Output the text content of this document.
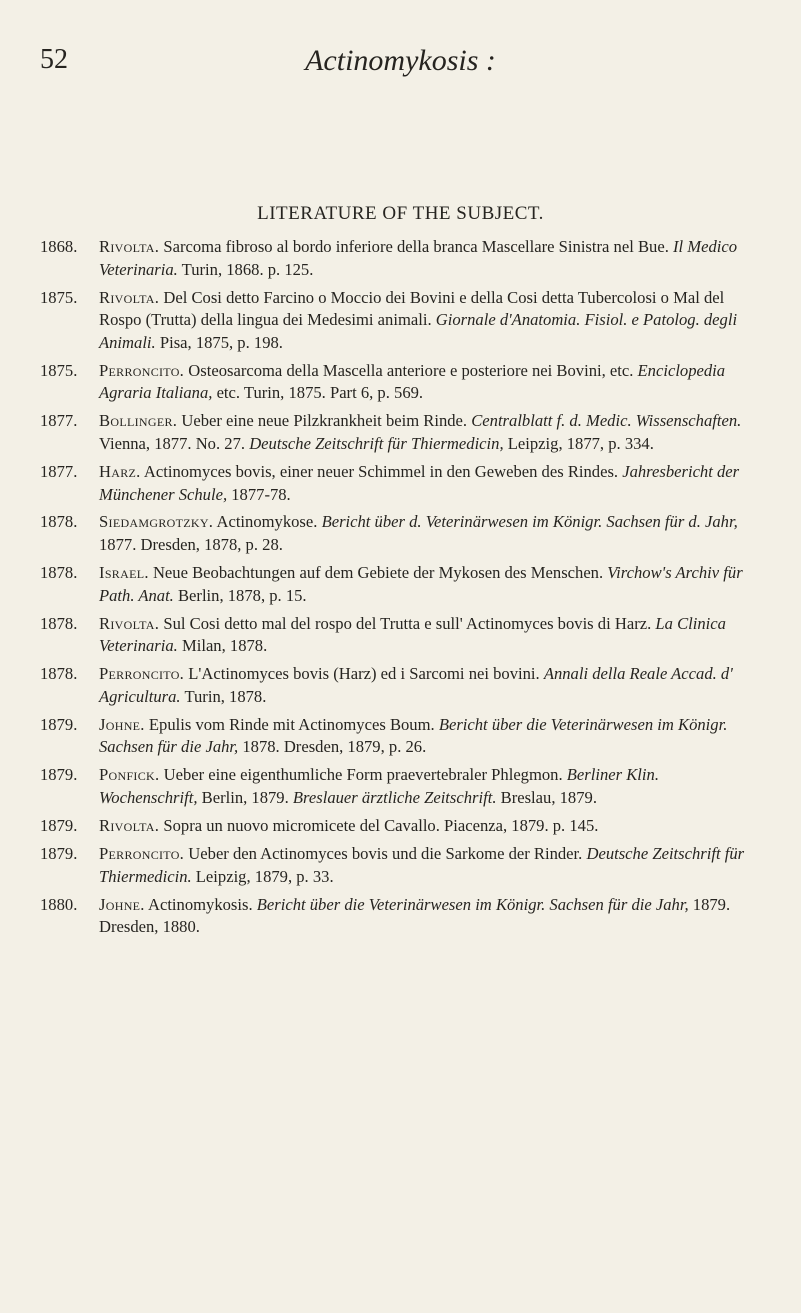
52	Actinomykosis :
LITERATURE OF THE SUBJECT.
1868. Rivolta. Sarcoma fibroso al bordo inferiore della branca Mascellare Sinistra nel Bue. Il Medico Veterinaria. Turin, 1868. p. 125.
1875. Rivolta. Del Cosi detto Farcino o Moccio dei Bovini e della Cosi detta Tubercolosi o Mal del Rospo (Trutta) della lingua dei Medesimi animali. Giornale d'Anatomia. Fisiol. e Patolog. degli Animali. Pisa, 1875, p. 198.
1875. Perroncito. Osteosarcoma della Mascella anteriore e posteriore nei Bovini, etc. Enciclopedia Agraria Italiana, etc. Turin, 1875. Part 6, p. 569.
1877. Bollinger. Ueber eine neue Pilzkrankheit beim Rinde. Centralblatt f. d. Medic. Wissenschaften. Vienna, 1877. No. 27. Deutsche Zeitschrift für Thiermedicin, Leipzig, 1877, p. 334.
1877. Harz. Actinomyces bovis, einer neuer Schimmel in den Geweben des Rindes. Jahresbericht der Münchener Schule, 1877-78.
1878. Siedamgrotzky. Actinomykose. Bericht über d. Veterinärwesen im Königr. Sachsen für d. Jahr, 1877. Dresden, 1878, p. 28.
1878. Israel. Neue Beobachtungen auf dem Gebiete der Mykosen des Menschen. Virchow's Archiv für Path. Anat. Berlin, 1878, p. 15.
1878. Rivolta. Sul Cosi detto mal del rospo del Trutta e sull' Actinomyces bovis di Harz. La Clinica Veterinaria. Milan, 1878.
1878. Perroncito. L'Actinomyces bovis (Harz) ed i Sarcomi nei bovini. Annali della Reale Accad. d' Agricultura. Turin, 1878.
1879. Johne. Epulis vom Rinde mit Actinomyces Boum. Bericht über die Veterinärwesen im Königr. Sachsen für die Jahr, 1878. Dresden, 1879, p. 26.
1879. Ponfick. Ueber eine eigenthumliche Form praevertebraler Phlegmon. Berliner Klin. Wochenschrift, Berlin, 1879. Breslauer ärztliche Zeitschrift. Breslau, 1879.
1879. Rivolta. Sopra un nuovo micromicete del Cavallo. Piacenza, 1879. p. 145.
1879. Perroncito. Ueber den Actinomyces bovis und die Sarkome der Rinder. Deutsche Zeitschrift für Thiermedicin. Leipzig, 1879, p. 33.
1880. Johne. Actinomykosis. Bericht über die Veterinärwesen im Königr. Sachsen für die Jahr, 1879. Dresden, 1880.
